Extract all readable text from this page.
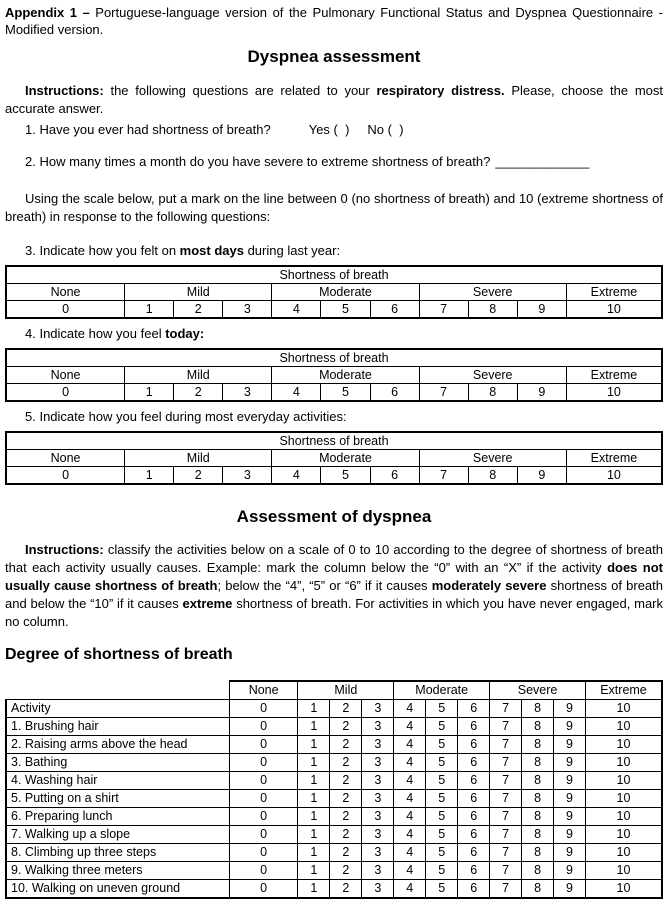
Appendix 1 – Portuguese-language version of the Pulmonary Functional Status and Dyspnea Questionnaire - Modified version.

Dyspnea assessment

Instructions: the following questions are related to your respiratory distress. Please, choose the most accurate answer.

1. Have you ever had shortness of breath?	Yes (  ) No (  )

2. How many times a month do you have severe to extreme shortness of breath? _____________

Using the scale below, put a mark on the line between 0 (no shortness of breath) and 10 (extreme shortness of breath) in response to the following questions:

3. Indicate how you felt on most days during last year:

Shortness of breath										
None	Mild			Moderate			Severe			Extreme
0	1	2	3	4	5	6	7	8	9	10

4. Indicate how you feel today:

Shortness of breath										
None	Mild			Moderate			Severe			Extreme
0	1	2	3	4	5	6	7	8	9	10

5. Indicate how you feel during most everyday activities:

Shortness of breath										
None	Mild			Moderate			Severe			Extreme
0	1	2	3	4	5	6	7	8	9	10
Assessment of dyspnea

Instructions: classify the activities below on a scale of 0 to 10 according to the degree of shortness of breath that each activity usually causes. Example: mark the column below the “0” with an “X” if the activity does not usually cause shortness of breath; below the “4”, “5” or “6” if it causes moderately severe shortness of breath and below the “10” if it causes extreme shortness of breath. For activities in which you have never engaged, mark no column.

Degree of shortness of breath
	None	Mild			Moderate			Severe			Extreme
Activity	0	1	2	3	4	5	6	7	8	9	10
1. Brushing hair	0	1	2	3	4	5	6	7	8	9	10
2. Raising arms above the head	0	1	2	3	4	5	6	7	8	9	10
3. Bathing	0	1	2	3	4	5	6	7	8	9	10
4. Washing hair	0	1	2	3	4	5	6	7	8	9	10
5. Putting on a shirt	0	1	2	3	4	5	6	7	8	9	10
6. Preparing lunch	0	1	2	3	4	5	6	7	8	9	10
7. Walking up a slope	0	1	2	3	4	5	6	7	8	9	10
8. Climbing up three steps	0	1	2	3	4	5	6	7	8	9	10
9. Walking three meters	0	1	2	3	4	5	6	7	8	9	10
10. Walking on uneven ground	0	1	2	3	4	5	6	7	8	9	10
